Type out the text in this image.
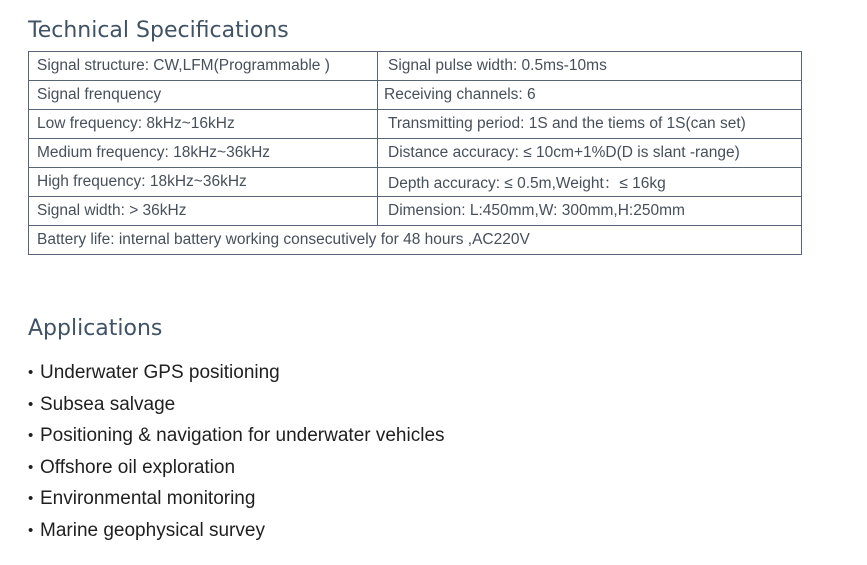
Technical Specifications
Signal structure: CW,LFM(Programmable )	Signal pulse width: 0.5ms-10ms
Signal frenquency	Receiving channels: 6
Low frequency: 8kHz~16kHz	Transmitting period: 1S and the tiems of 1S(can set)
Medium frequency: 18kHz~36kHz	Distance accuracy: ≤ 10cm+1%D(D is slant -range)
High frequency: 18kHz~36kHz	Depth accuracy: ≤ 0.5m,Weight：≤ 16kg
Signal width: > 36kHz	Dimension: L:450mm,W: 300mm,H:250mm
Battery life: internal battery working consecutively for 48 hours ,AC220V	
Applications
• Underwater GPS positioning
• Subsea salvage
• Positioning & navigation for underwater vehicles
• Offshore oil exploration
• Environmental monitoring
• Marine geophysical survey
